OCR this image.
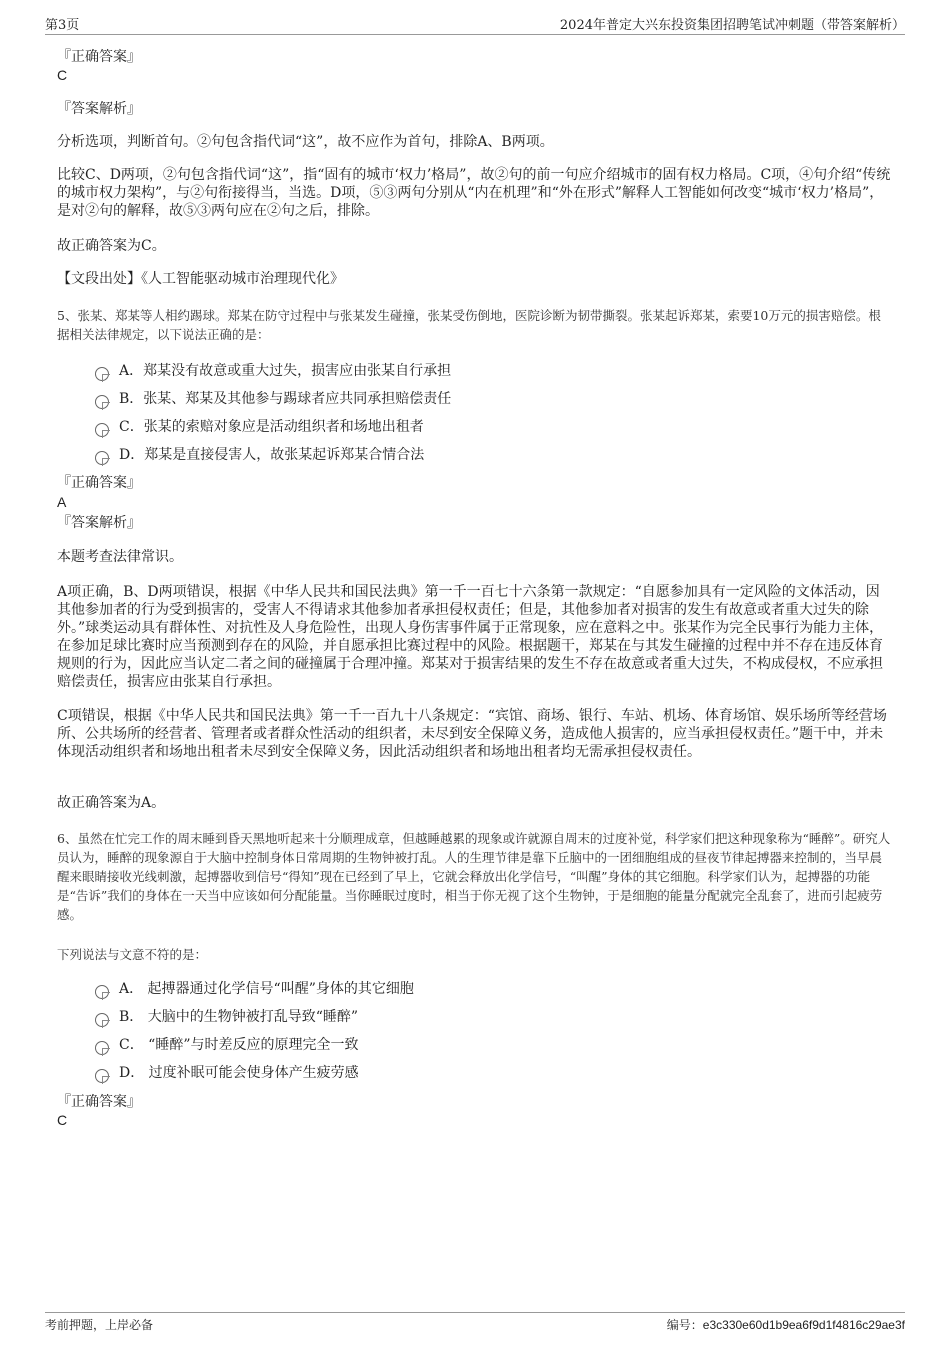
第3页	2024年普定大兴东投资集团招聘笔试冲刺题（带答案解析）
『正确答案』
C
『答案解析』
分析选项，判断首句。②句包含指代词“这”，故不应作为首句，排除A、B两项。
比较C、D两项，②句包含指代词“这”，指“固有的城市‘权力’格局”，故②句的前一句应介绍城市的固有权力格局。C项，④句介绍“传统的城市权力架构”，与②句衔接得当，当选。D项，⑤③两句分别从“内在机理”和“外在形式”解释人工智能如何改变“城市‘权力’格局”，是对②句的解释，故⑤③两句应在②句之后，排除。
故正确答案为C。
【文段出处】《人工智能驱动城市治理现代化》
5、张某、郑某等人相约踢球。郑某在防守过程中与张某发生碰撞，张某受伤倒地，医院诊断为韧带撕裂。张某起诉郑某，索要10万元的损害赔偿。根据相关法律规定，以下说法正确的是：
A．郑某没有故意或重大过失，损害应由张某自行承担
B．张某、郑某及其他参与踢球者应共同承担赔偿责任
C．张某的索赔对象应是活动组织者和场地出租者
D．郑某是直接侵害人，故张某起诉郑某合情合法
『正确答案』
A
『答案解析』
本题考查法律常识。
A项正确，B、D两项错误，根据《中华人民共和国民法典》第一千一百七十六条第一款规定：“自愿参加具有一定风险的文体活动，因其他参加者的行为受到损害的，受害人不得请求其他参加者承担侵权责任；但是，其他参加者对损害的发生有故意或者重大过失的除外。”球类运动具有群体性、对抗性及人身危险性，出现人身伤害事件属于正常现象，应在意料之中。张某作为完全民事行为能力主体，在参加足球比赛时应当预测到存在的风险，并自愿承担比赛过程中的风险。根据题干，郑某在与其发生碰撞的过程中并不存在违反体育规则的行为，因此应当认定二者之间的碰撞属于合理冲撞。郑某对于损害结果的发生不存在故意或者重大过失，不构成侵权，不应承担赔偿责任，损害应由张某自行承担。
C项错误，根据《中华人民共和国民法典》第一千一百九十八条规定：“宾馆、商场、银行、车站、机场、体育场馆、娱乐场所等经营场所、公共场所的经营者、管理者或者群众性活动的组织者，未尽到安全保障义务，造成他人损害的，应当承担侵权责任。”题干中，并未体现活动组织者和场地出租者未尽到安全保障义务，因此活动组织者和场地出租者均无需承担侵权责任。
故正确答案为A。
6、虽然在忙完工作的周末睡到昏天黑地听起来十分顺理成章，但越睡越累的现象或许就源自周末的过度补觉，科学家们把这种现象称为“睡醉”。研究人员认为，睡醉的现象源自于大脑中控制身体日常周期的生物钟被打乱。人的生理节律是靠下丘脑中的一团细胞组成的昼夜节律起搏器来控制的，当早晨醒来眼睛接收光线刺激，起搏器收到信号“得知”现在已经到了早上，它就会释放出化学信号，“叫醒”身体的其它细胞。科学家们认为，起搏器的功能是“告诉”我们的身体在一天当中应该如何分配能量。当你睡眠过度时，相当于你无视了这个生物钟，于是细胞的能量分配就完全乱套了，进而引起疲劳感。
下列说法与文意不符的是：
A． 起搏器通过化学信号“叫醒”身体的其它细胞
B． 大脑中的生物钟被打乱导致“睡醉”
C． “睡醉”与时差反应的原理完全一致
D． 过度补眠可能会使身体产生疲劳感
『正确答案』
C
考前押题，上岸必备	编号：e3c330e60d1b9ea6f9d1f4816c29ae3f
